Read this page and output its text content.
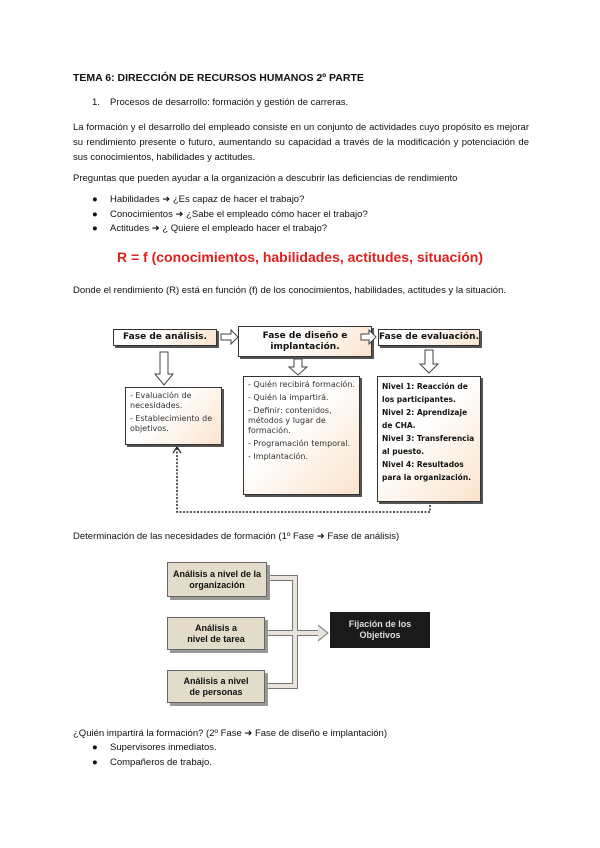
TEMA 6: DIRECCIÓN DE RECURSOS HUMANOS 2º PARTE
1. Procesos de desarrollo: formación y gestión de carreras.
La formación y el desarrollo del empleado consiste en un conjunto de actividades cuyo propósito es mejorar su rendimiento presente o futuro, aumentando su capacidad a través de la modificación y potenciación de sus conocimientos, habilidades y actitudes.
Preguntas que pueden ayudar a la organización a descubrir las deficiencias de rendimiento
● Habilidades ➜ ¿Es capaz de hacer el trabajo?
● Conocimientos ➜ ¿Sabe el empleado cómo hacer el trabajo?
● Actitudes ➜ ¿ Quiere el empleado hacer el trabajo?
R = f (conocimientos, habilidades, actitudes, situación)
Donde el rendimiento (R) está en función (f) de los conocimientos, habilidades, actitudes y la situación.
Fase de análisis.	Fase de diseño e implantación.
Fase de evaluación.
- Evaluación de necesidades.
- Establecimiento de objetivos.
- Quién recibirá formación.
- Quién la impartirá.
- Definir: contenidos, métodos y lugar de formación.
- Programación temporal.
- Implantación.
Nivel 1: Reacción de los participantes.
Nivel 2: Aprendizaje de CHA.
Nivel 3: Transferencia al puesto.
Nivel 4: Resultados para la organización.
Determinación de las necesidades de formación (1º Fase ➜ Fase de análisis)
Análisis a nivel de la organización
Análisis a nivel de tarea
Análisis a nivel de personas
Fijación de los Objetivos
¿Quién impartirá la formación? (2º Fase ➜ Fase de diseño e implantación)
● Supervisores inmediatos.
● Compañeros de trabajo.
